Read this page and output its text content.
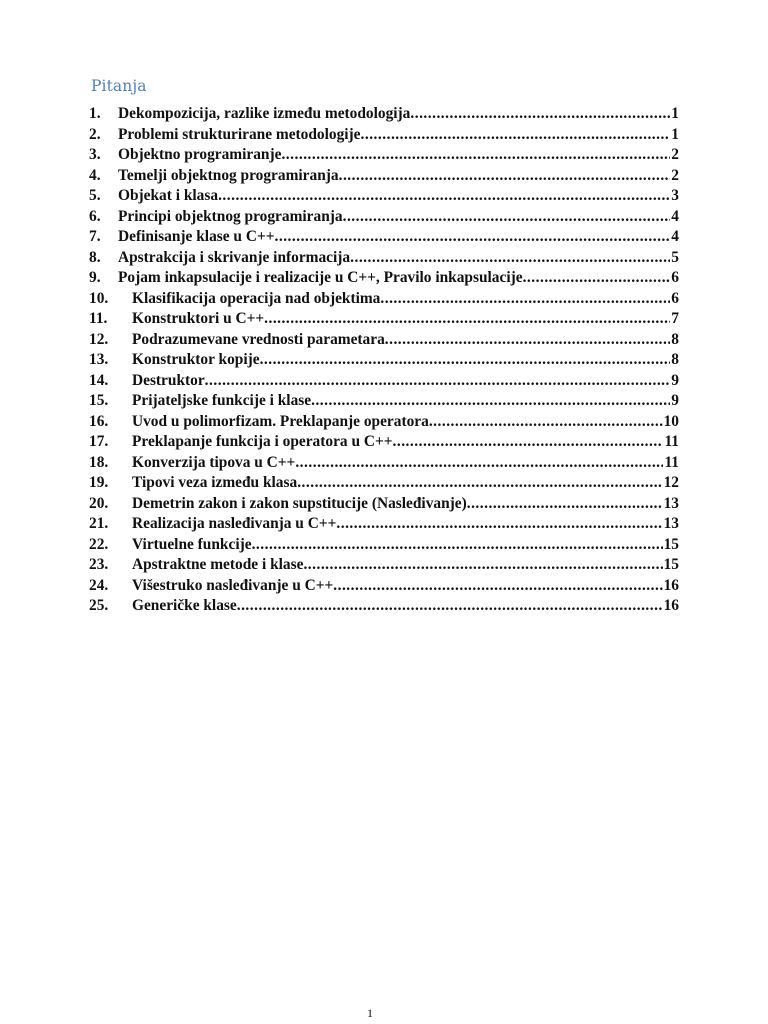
Pitanja
1.	Dekompozicija, razlike između metodologija .....	1
2.	Problemi strukturirane metodologije .....	1
3.	Objektno programiranje .....	2
4.	Temelji objektnog programiranja .....	2
5.	Objekat i klasa .....	3
6.	Principi objektnog programiranja .....	4
7.	Definisanje klase u C++ .....	4
8.	Apstrakcija i skrivanje informacija .....	5
9.	Pojam inkapsulacije i realizacije u C++, Pravilo inkapsulacije .....	6
10.	Klasifikacija operacija nad objektima .....	6
11.	Konstruktori u C++ .....	7
12.	Podrazumevane vrednosti parametara .....	8
13.	Konstruktor kopije .....	8
14.	Destruktor .....	9
15.	Prijateljske funkcije i klase .....	9
16.	Uvod u polimorfizam. Preklapanje operatora .....	10
17.	Preklapanje funkcija i operatora u C++ .....	11
18.	Konverzija tipova u C++ .....	11
19.	Tipovi veza između klasa .....	12
20.	Demetrin zakon i zakon supstitucije (Nasleđivanje) .....	13
21.	Realizacija nasleđivanja u C++ .....	13
22.	Virtuelne funkcije .....	15
23.	Apstraktne metode i klase .....	15
24.	Višestruko nasleđivanje u C++ .....	16
25.	Generičke klase .....	16
1
